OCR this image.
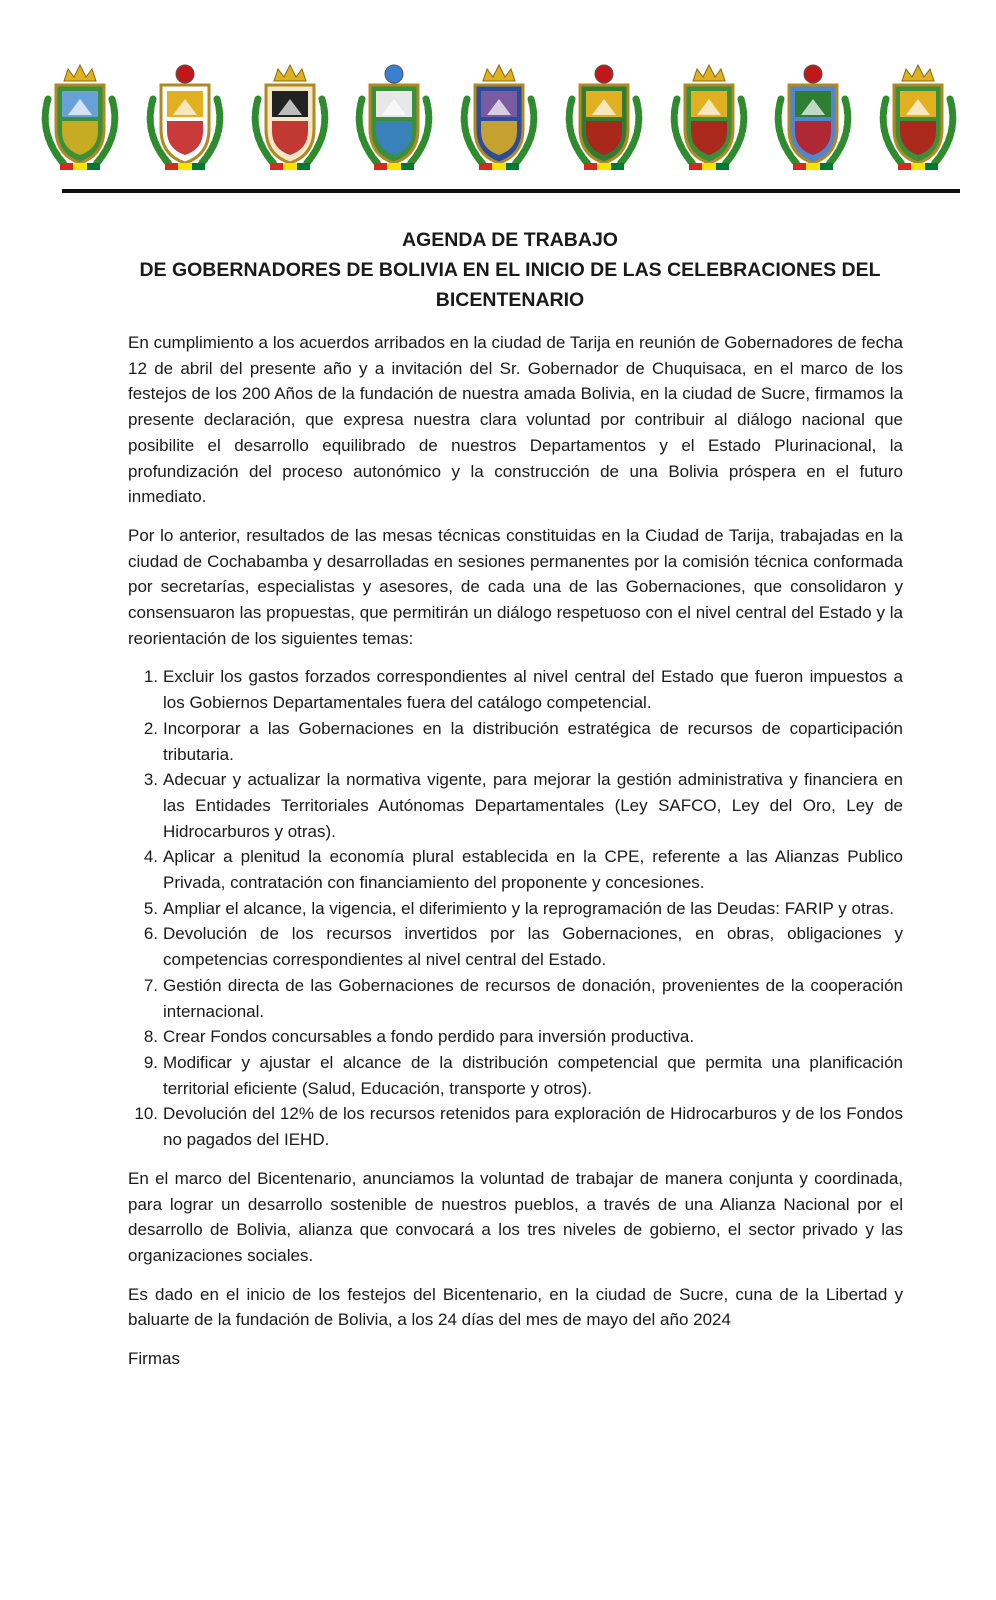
AGENDA DE TRABAJO
DE GOBERNADORES DE BOLIVIA EN EL INICIO DE LAS CELEBRACIONES DEL
BICENTENARIO

En cumplimiento a los acuerdos arribados en la ciudad de Tarija en reunión de Gobernadores de fecha 12 de abril del presente año y a invitación del Sr. Gobernador de Chuquisaca, en el marco de los festejos de los 200 Años de la fundación de nuestra amada Bolivia, en la ciudad de Sucre, firmamos la presente declaración, que expresa nuestra clara voluntad por contribuir al diálogo nacional que posibilite el desarrollo equilibrado de nuestros Departamentos y el Estado Plurinacional, la profundización del proceso autonómico y la construcción de una Bolivia próspera en el futuro inmediato.

Por lo anterior, resultados de las mesas técnicas constituidas en la Ciudad de Tarija, trabajadas en la ciudad de Cochabamba y desarrolladas en sesiones permanentes por la comisión técnica conformada por secretarías, especialistas y asesores, de cada una de las Gobernaciones, que consolidaron y consensuaron las propuestas, que permitirán un diálogo respetuoso con el nivel central del Estado y la reorientación de los siguientes temas:

1. Excluir los gastos forzados correspondientes al nivel central del Estado que fueron impuestos a los Gobiernos Departamentales fuera del catálogo competencial.
2. Incorporar a las Gobernaciones en la distribución estratégica de recursos de coparticipación tributaria.
3. Adecuar y actualizar la normativa vigente, para mejorar la gestión administrativa y financiera en las Entidades Territoriales Autónomas Departamentales (Ley SAFCO, Ley del Oro, Ley de Hidrocarburos y otras).
4. Aplicar a plenitud la economía plural establecida en la CPE, referente a las Alianzas Publico Privada, contratación con financiamiento del proponente y concesiones.
5. Ampliar el alcance, la vigencia, el diferimiento y la reprogramación de las Deudas: FARIP y otras.
6. Devolución de los recursos invertidos por las Gobernaciones, en obras, obligaciones y competencias correspondientes al nivel central del Estado.
7. Gestión directa de las Gobernaciones de recursos de donación, provenientes de la cooperación internacional.
8. Crear Fondos concursables a fondo perdido para inversión productiva.
9. Modificar y ajustar el alcance de la distribución competencial que permita una planificación territorial eficiente (Salud, Educación, transporte y otros).
10. Devolución del 12% de los recursos retenidos para exploración de Hidrocarburos y de los Fondos no pagados del IEHD.

En el marco del Bicentenario, anunciamos la voluntad de trabajar de manera conjunta y coordinada, para lograr un desarrollo sostenible de nuestros pueblos, a través de una Alianza Nacional por el desarrollo de Bolivia, alianza que convocará a los tres niveles de gobierno, el sector privado y las organizaciones sociales.

Es dado en el inicio de los festejos del Bicentenario, en la ciudad de Sucre, cuna de la Libertad y baluarte de la fundación de Bolivia, a los 24 días del mes de mayo del año 2024

Firmas
